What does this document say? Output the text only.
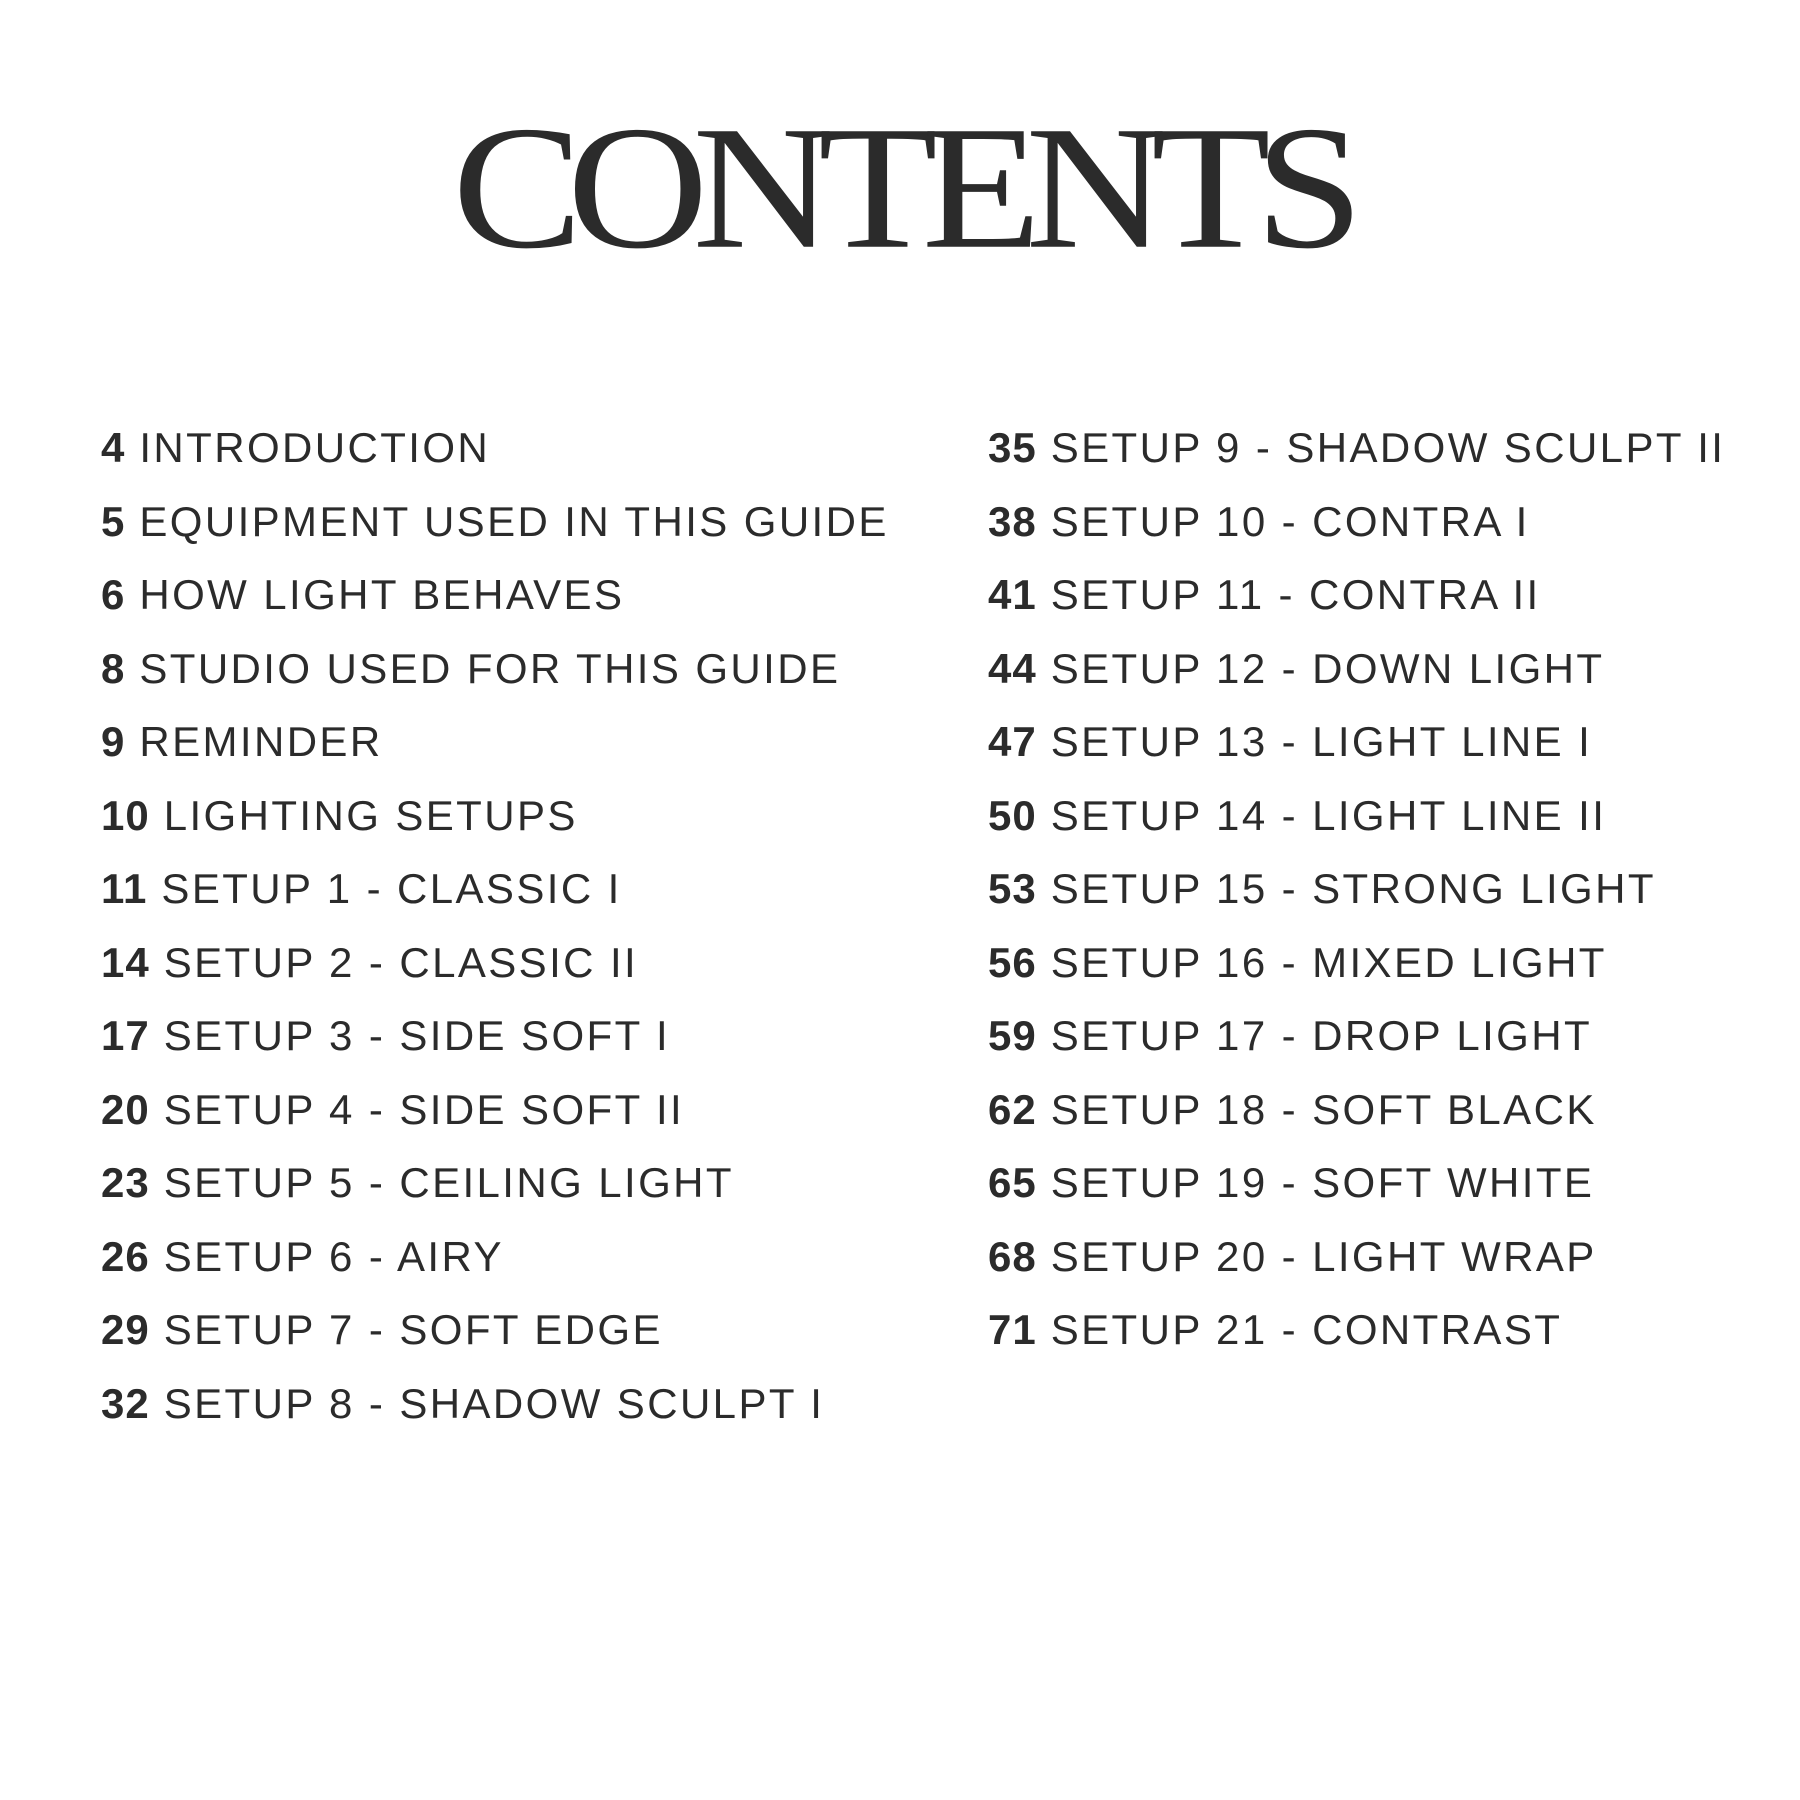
CONTENTS
4 INTRODUCTION
5 EQUIPMENT USED IN THIS GUIDE
6 HOW LIGHT BEHAVES
8 STUDIO USED FOR THIS GUIDE
9 REMINDER
10 LIGHTING SETUPS
11 SETUP 1 - CLASSIC I
14 SETUP 2 - CLASSIC II
17 SETUP 3 - SIDE SOFT I
20 SETUP 4 - SIDE SOFT II
23 SETUP 5 - CEILING LIGHT
26 SETUP 6 - AIRY
29 SETUP 7 - SOFT EDGE
32 SETUP 8 - SHADOW SCULPT I
35 SETUP 9 - SHADOW SCULPT II
38 SETUP 10 - CONTRA I
41 SETUP 11 - CONTRA II
44 SETUP 12 - DOWN LIGHT
47 SETUP 13 - LIGHT LINE I
50 SETUP 14 - LIGHT LINE II
53 SETUP 15 - STRONG LIGHT
56 SETUP 16 - MIXED LIGHT
59 SETUP 17 - DROP LIGHT
62 SETUP 18 - SOFT BLACK
65 SETUP 19 - SOFT WHITE
68 SETUP 20 - LIGHT WRAP
71 SETUP 21 - CONTRAST
